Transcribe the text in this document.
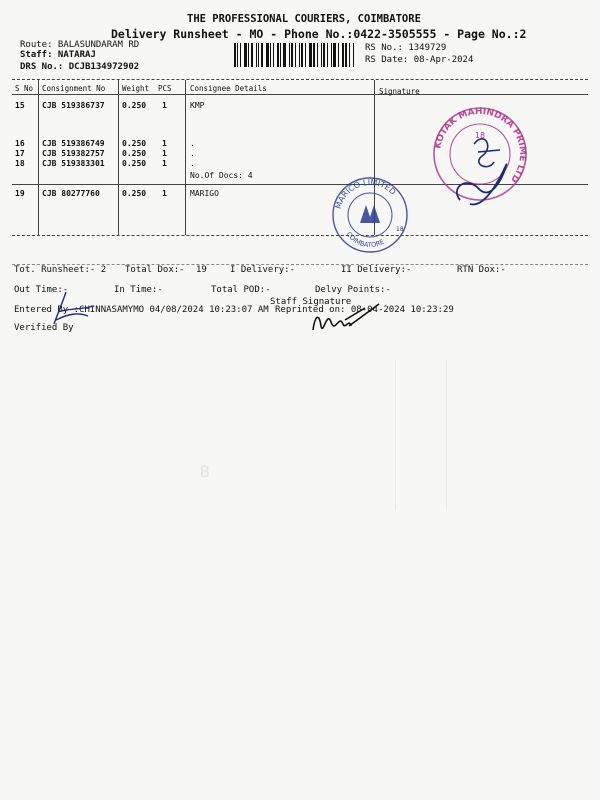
THE PROFESSIONAL COURIERS, COIMBATORE
Delivery Runsheet - MO - Phone No.:0422-3505555 - Page No.:2
Route: BALASUNDARAM RD
Staff: NATARAJ
DRS No.: DCJB134972902
RS No.: 1349729
RS Date: 08-Apr-2024
S No Consignment No Weight PCS Consignee Details	Signature
15 CJB 519386737 0.250 1	KMP
16 CJB 519386749 0.250 1	.
17 CJB 519382757 0.250 1	.
18 CJB 519383301 0.250 1	.
No.Of Docs: 4
19 CJB 80277760	0.250 1	MARIGO
Tot. Runsheet:- 2 Total Dox:- 19	I Delivery:-	II Delivery:-	RTN Dox:-
Out Time:-	In Time:-	Total POD:-	Delvy Points:-
Entered By :CHINNASAMYMO 04/08/2024 10:23:07 AM Reprinted on: 08-04-2024 10:23:29
Verified By
Staff Signature
B
KOTAK MAHINDRA PRIME LTD
18
MARICO LIMITED
COIMBATORE
18
